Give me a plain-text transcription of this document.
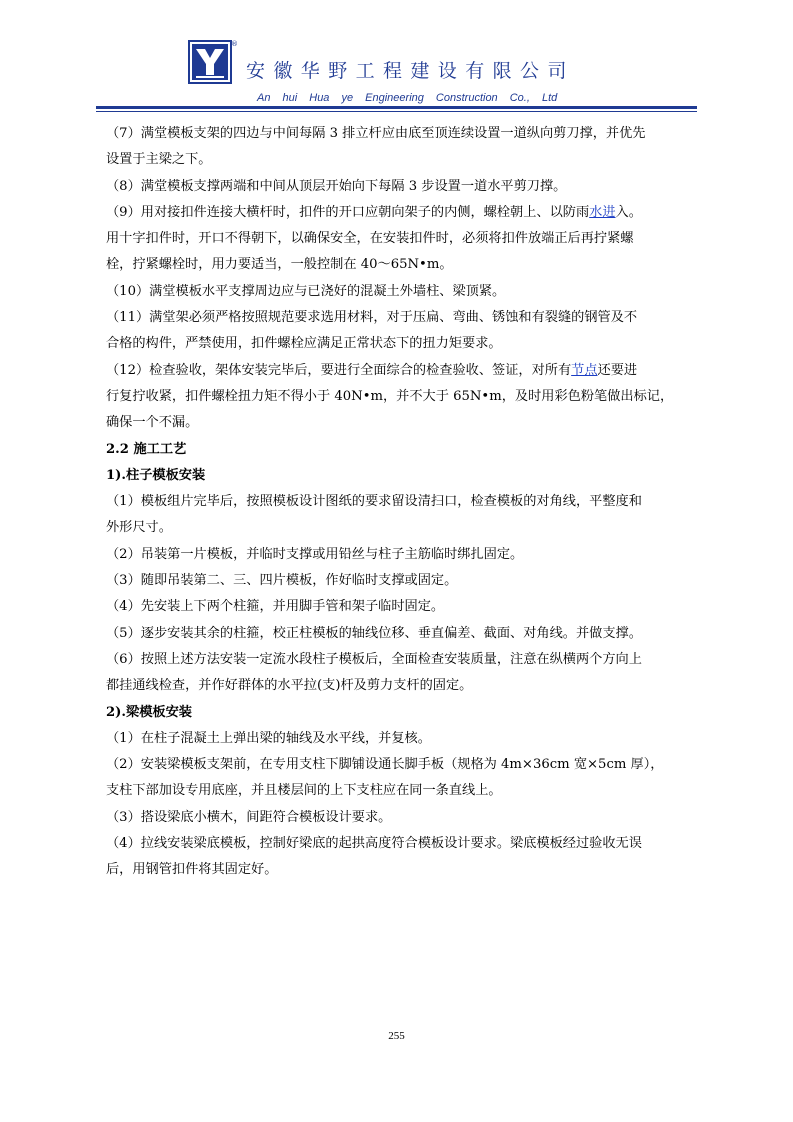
®
安徽华野工程建设有限公司
An hui Hua ye Engineering Construction Co., Ltd
（7）满堂模板支架的四边与中间每隔 3 排立杆应由底至顶连续设置一道纵向剪刀撑，并优先
设置于主梁之下。
（8）满堂模板支撑两端和中间从顶层开始向下每隔 3 步设置一道水平剪刀撑。
（9）用对接扣件连接大横杆时，扣件的开口应朝向架子的内侧，螺栓朝上、以防雨水进入。
用十字扣件时，开口不得朝下，以确保安全，在安装扣件时，必须将扣件放端正后再拧紧螺
栓，拧紧螺栓时，用力要适当，一般控制在 40～65N•m。
（10）满堂模板水平支撑周边应与已浇好的混凝土外墙柱、梁顶紧。
（11）满堂架必须严格按照规范要求选用材料，对于压扁、弯曲、锈蚀和有裂缝的钢管及不
合格的构件，严禁使用，扣件螺栓应满足正常状态下的扭力矩要求。
（12）检查验收，架体安装完毕后，要进行全面综合的检查验收、签证，对所有节点还要进
行复拧收紧，扣件螺栓扭力矩不得小于 40N•m，并不大于 65N•m，及时用彩色粉笔做出标记，
确保一个不漏。
2.2 施工工艺
1).柱子模板安装
（1）模板组片完毕后，按照模板设计图纸的要求留设清扫口，检查模板的对角线，平整度和
外形尺寸。
（2）吊装第一片模板，并临时支撑或用铅丝与柱子主筋临时绑扎固定。
（3）随即吊装第二、三、四片模板，作好临时支撑或固定。
（4）先安装上下两个柱箍，并用脚手管和架子临时固定。
（5）逐步安装其余的柱箍，校正柱模板的轴线位移、垂直偏差、截面、对角线。并做支撑。
（6）按照上述方法安装一定流水段柱子模板后，全面检查安装质量，注意在纵横两个方向上
都挂通线检查，并作好群体的水平拉(支)杆及剪力支杆的固定。
2).梁模板安装
（1）在柱子混凝土上弹出梁的轴线及水平线，并复核。
（2）安装梁模板支架前，在专用支柱下脚铺设通长脚手板（规格为 4m×36cm 宽×5cm 厚），
支柱下部加设专用底座，并且楼层间的上下支柱应在同一条直线上。
（3）搭设梁底小横木，间距符合模板设计要求。
（4）拉线安装梁底模板，控制好梁底的起拱高度符合模板设计要求。梁底模板经过验收无误
后，用钢管扣件将其固定好。
255
